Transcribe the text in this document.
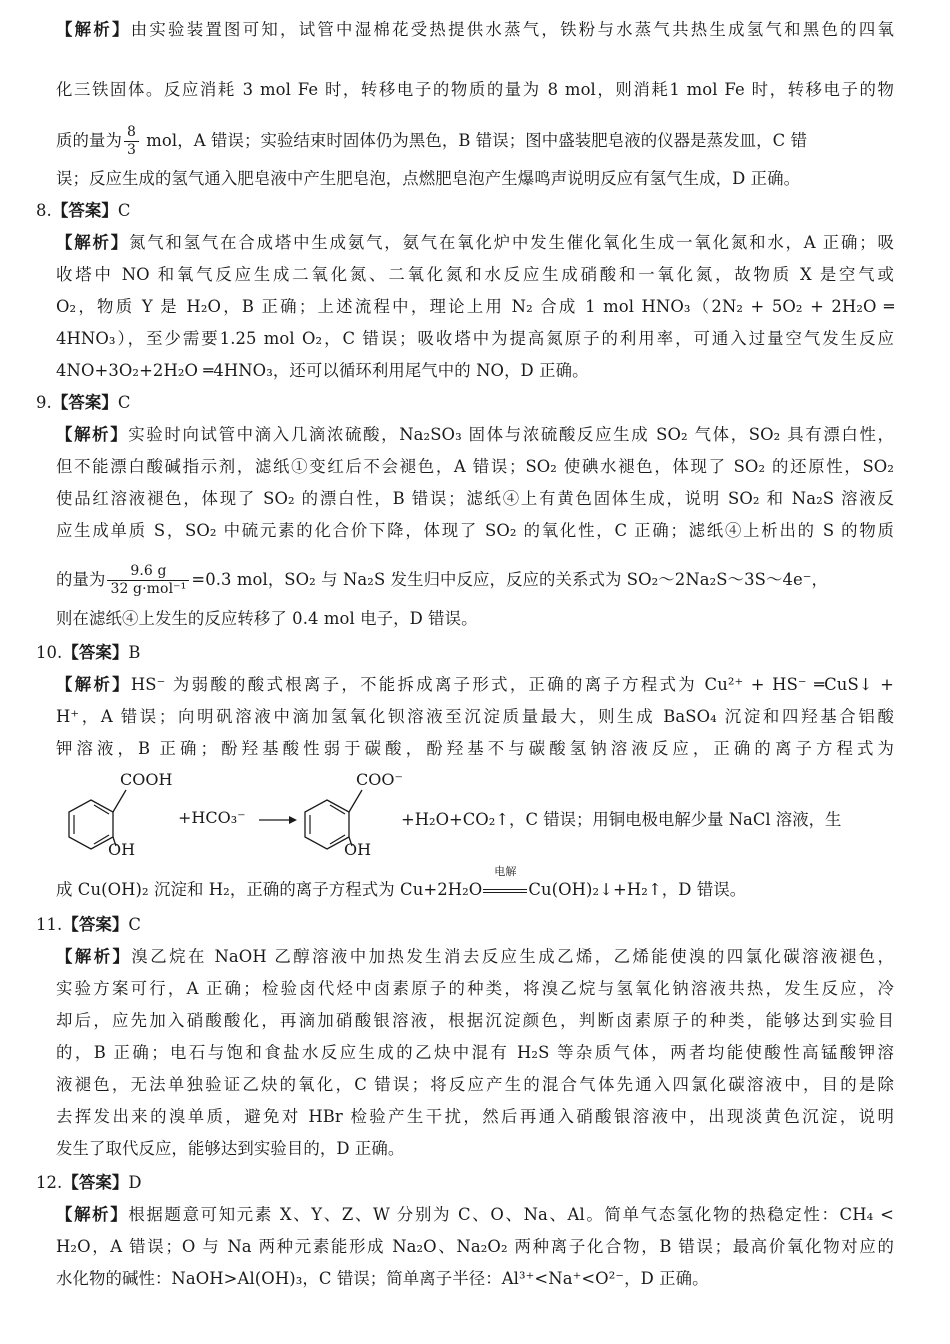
【解析】由实验装置图可知，试管中湿棉花受热提供水蒸气，铁粉与水蒸气共热生成氢气和黑色的四氧
化三铁固体。反应消耗 3 mol Fe 时，转移电子的物质的量为 8 mol，则消耗1 mol Fe 时，转移电子的物
质的量为 $\frac{8}{3}$ mol，A 错误；实验结束时固体仍为黑色，B 错误；图中盛装肥皂液的仪器是蒸发皿，C 错
误；反应生成的氢气通入肥皂液中产生肥皂泡，点燃肥皂泡产生爆鸣声说明反应有氢气生成，D 正确。
8.【答案】C
【解析】氮气和氢气在合成塔中生成氨气，氨气在氧化炉中发生催化氧化生成一氧化氮和水，A 正确；吸
收塔中 NO 和氧气反应生成二氧化氮、二氧化氮和水反应生成硝酸和一氧化氮，故物质 X 是空气或
O₂，物质 Y 是 H₂O，B 正确；上述流程中，理论上用 N₂ 合成 1 mol HNO₃（2N₂ + 5O₂ + 2H₂O ═
4HNO₃），至少需要1.25 mol O₂，C 错误；吸收塔中为提高氮原子的利用率，可通入过量空气发生反应
4NO+3O₂+2H₂O ═4HNO₃，还可以循环利用尾气中的 NO，D 正确。
9.【答案】C
【解析】实验时向试管中滴入几滴浓硫酸，Na₂SO₃ 固体与浓硫酸反应生成 SO₂ 气体，SO₂ 具有漂白性，
但不能漂白酸碱指示剂，滤纸①变红后不会褪色，A 错误；SO₂ 使碘水褪色，体现了 SO₂ 的还原性，SO₂
使品红溶液褪色，体现了 SO₂ 的漂白性，B 错误；滤纸④上有黄色固体生成，说明 SO₂ 和 Na₂S 溶液反
应生成单质 S，SO₂ 中硫元素的化合价下降，体现了 SO₂ 的氧化性，C 正确；滤纸④上析出的 S 的物质
的量为 $\frac{9.6 g}{\text{32 g·mol⁻¹}} =0.3$ mol，SO₂ 与 Na₂S 发生归中反应，反应的关系式为 SO₂～2Na₂S～3S～4e⁻，
则在滤纸④上发生的反应转移了 0.4 mol 电子，D 错误。
10.【答案】B
【解析】HS⁻ 为弱酸的酸式根离子，不能拆成离子形式，正确的离子方程式为 Cu²⁺ + HS⁻ ═CuS↓ +
H⁺，A 错误；向明矾溶液中滴加氢氧化钡溶液至沉淀质量最大，则生成 BaSO₄ 沉淀和四羟基合铝酸
钾溶液，B 正确；酚羟基酸性弱于碳酸，酚羟基不与碳酸氢钠溶液反应，正确的离子方程式为
COOH
OH
+HCO₃⁻
COO⁻
OH
+H₂O+CO₂↑，C 错误；用铜电极电解少量 NaCl 溶液，生
成 Cu(OH)₂ 沉淀和 H₂，正确的离子方程式为 Cu+2H₂O
电解
Cu(OH)₂↓+H₂↑，D 错误。
11.【答案】C
【解析】溴乙烷在 NaOH 乙醇溶液中加热发生消去反应生成乙烯，乙烯能使溴的四氯化碳溶液褪色，
实验方案可行，A 正确；检验卤代烃中卤素原子的种类，将溴乙烷与氢氧化钠溶液共热，发生反应，冷
却后，应先加入硝酸酸化，再滴加硝酸银溶液，根据沉淀颜色，判断卤素原子的种类，能够达到实验目
的，B 正确；电石与饱和食盐水反应生成的乙炔中混有 H₂S 等杂质气体，两者均能使酸性高锰酸钾溶
液褪色，无法单独验证乙炔的氧化，C 错误；将反应产生的混合气体先通入四氯化碳溶液中，目的是除
去挥发出来的溴单质，避免对 HBr 检验产生干扰，然后再通入硝酸银溶液中，出现淡黄色沉淀，说明
发生了取代反应，能够达到实验目的，D 正确。
12.【答案】D
【解析】根据题意可知元素 X、Y、Z、W 分别为 C、O、Na、Al。简单气态氢化物的热稳定性：CH₄ <
H₂O，A 错误；O 与 Na 两种元素能形成 Na₂O、Na₂O₂ 两种离子化合物，B 错误；最高价氧化物对应的
水化物的碱性：NaOH>Al(OH)₃，C 错误；简单离子半径：Al³⁺<Na⁺<O²⁻，D 正确。
